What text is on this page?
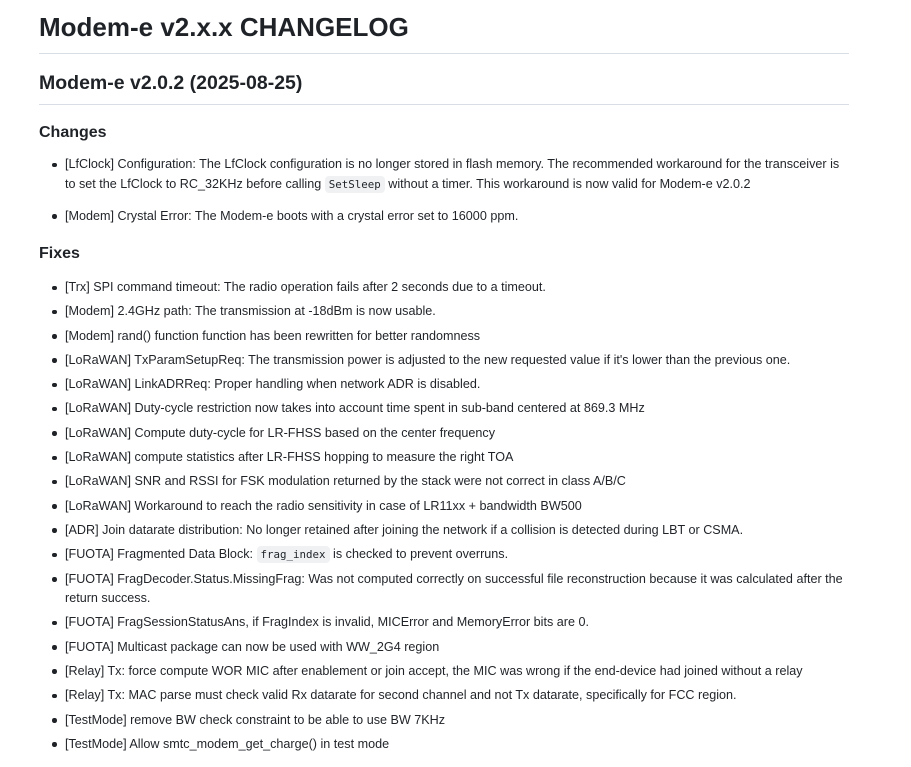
Modem-e v2.x.x CHANGELOG
Modem-e v2.0.2 (2025-08-25)
Changes
[LfClock] Configuration: The LfClock configuration is no longer stored in flash memory. The recommended workaround for the transceiver is to set the LfClock to RC_32KHz before calling SetSleep without a timer. This workaround is now valid for Modem-e v2.0.2
[Modem] Crystal Error: The Modem-e boots with a crystal error set to 16000 ppm.
Fixes
[Trx] SPI command timeout: The radio operation fails after 2 seconds due to a timeout.
[Modem] 2.4GHz path: The transmission at -18dBm is now usable.
[Modem] rand() function function has been rewritten for better randomness
[LoRaWAN] TxParamSetupReq: The transmission power is adjusted to the new requested value if it's lower than the previous one.
[LoRaWAN] LinkADRReq: Proper handling when network ADR is disabled.
[LoRaWAN] Duty-cycle restriction now takes into account time spent in sub-band centered at 869.3 MHz
[LoRaWAN] Compute duty-cycle for LR-FHSS based on the center frequency
[LoRaWAN] compute statistics after LR-FHSS hopping to measure the right TOA
[LoRaWAN] SNR and RSSI for FSK modulation returned by the stack were not correct in class A/B/C
[LoRaWAN] Workaround to reach the radio sensitivity in case of LR11xx + bandwidth BW500
[ADR] Join datarate distribution: No longer retained after joining the network if a collision is detected during LBT or CSMA.
[FUOTA] Fragmented Data Block: frag_index is checked to prevent overruns.
[FUOTA] FragDecoder.Status.MissingFrag: Was not computed correctly on successful file reconstruction because it was calculated after the return success.
[FUOTA] FragSessionStatusAns, if FragIndex is invalid, MICError and MemoryError bits are 0.
[FUOTA] Multicast package can now be used with WW_2G4 region
[Relay] Tx: force compute WOR MIC after enablement or join accept, the MIC was wrong if the end-device had joined without a relay
[Relay] Tx: MAC parse must check valid Rx datarate for second channel and not Tx datarate, specifically for FCC region.
[TestMode] remove BW check constraint to be able to use BW 7KHz
[TestMode] Allow smtc_modem_get_charge() in test mode
